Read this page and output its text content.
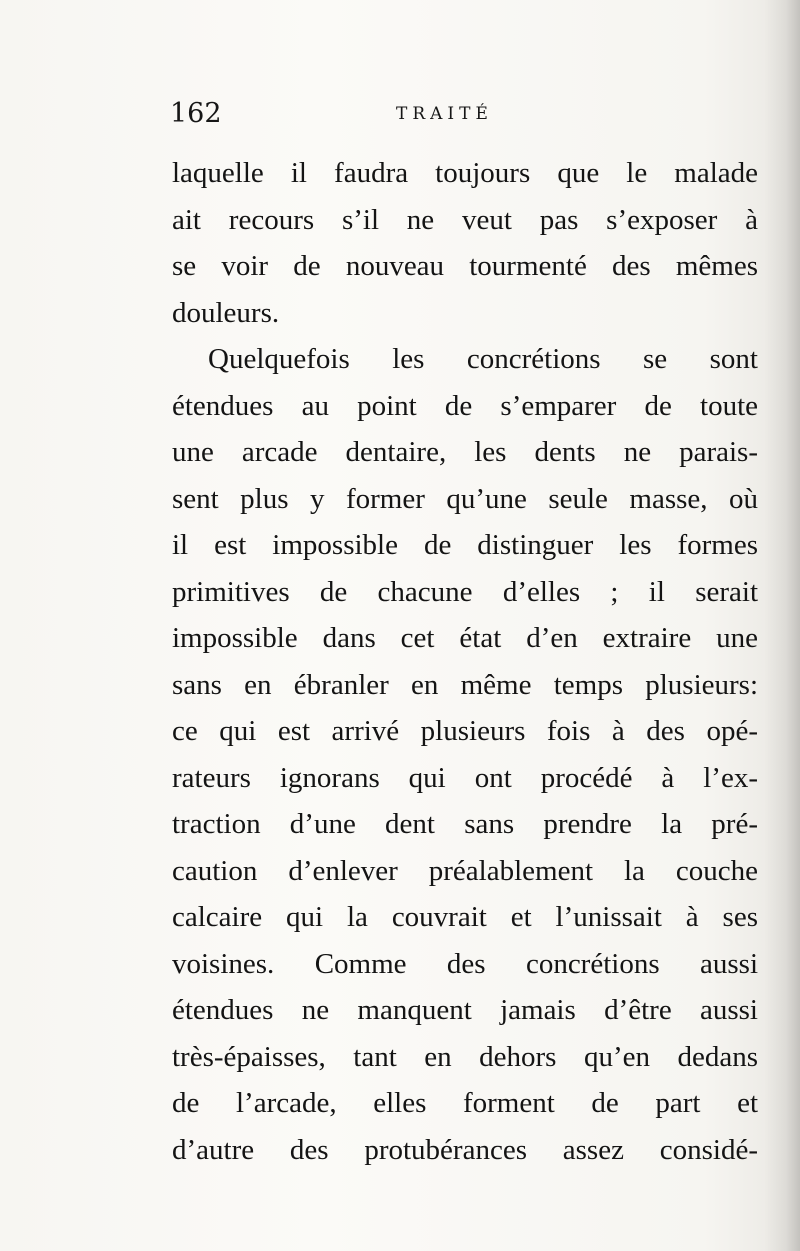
162	TRAITÉ
laquelle il faudra toujours que le malade
ait recours s’il ne veut pas s’exposer à
se voir de nouveau tourmenté des mêmes
douleurs.
Quelquefois les concrétions se sont
étendues au point de s’emparer de toute
une arcade dentaire, les dents ne parais-
sent plus y former qu’une seule masse, où
il est impossible de distinguer les formes
primitives de chacune d’elles ; il serait
impossible dans cet état d’en extraire une
sans en ébranler en même temps plusieurs:
ce qui est arrivé plusieurs fois à des opé-
rateurs ignorans qui ont procédé à l’ex-
traction d’une dent sans prendre la pré-
caution d’enlever préalablement la couche
calcaire qui la couvrait et l’unissait à ses
voisines. Comme des concrétions aussi
étendues ne manquent jamais d’être aussi
très-épaisses, tant en dehors qu’en dedans
de l’arcade, elles forment de part et
d’autre des protubérances assez considé-
